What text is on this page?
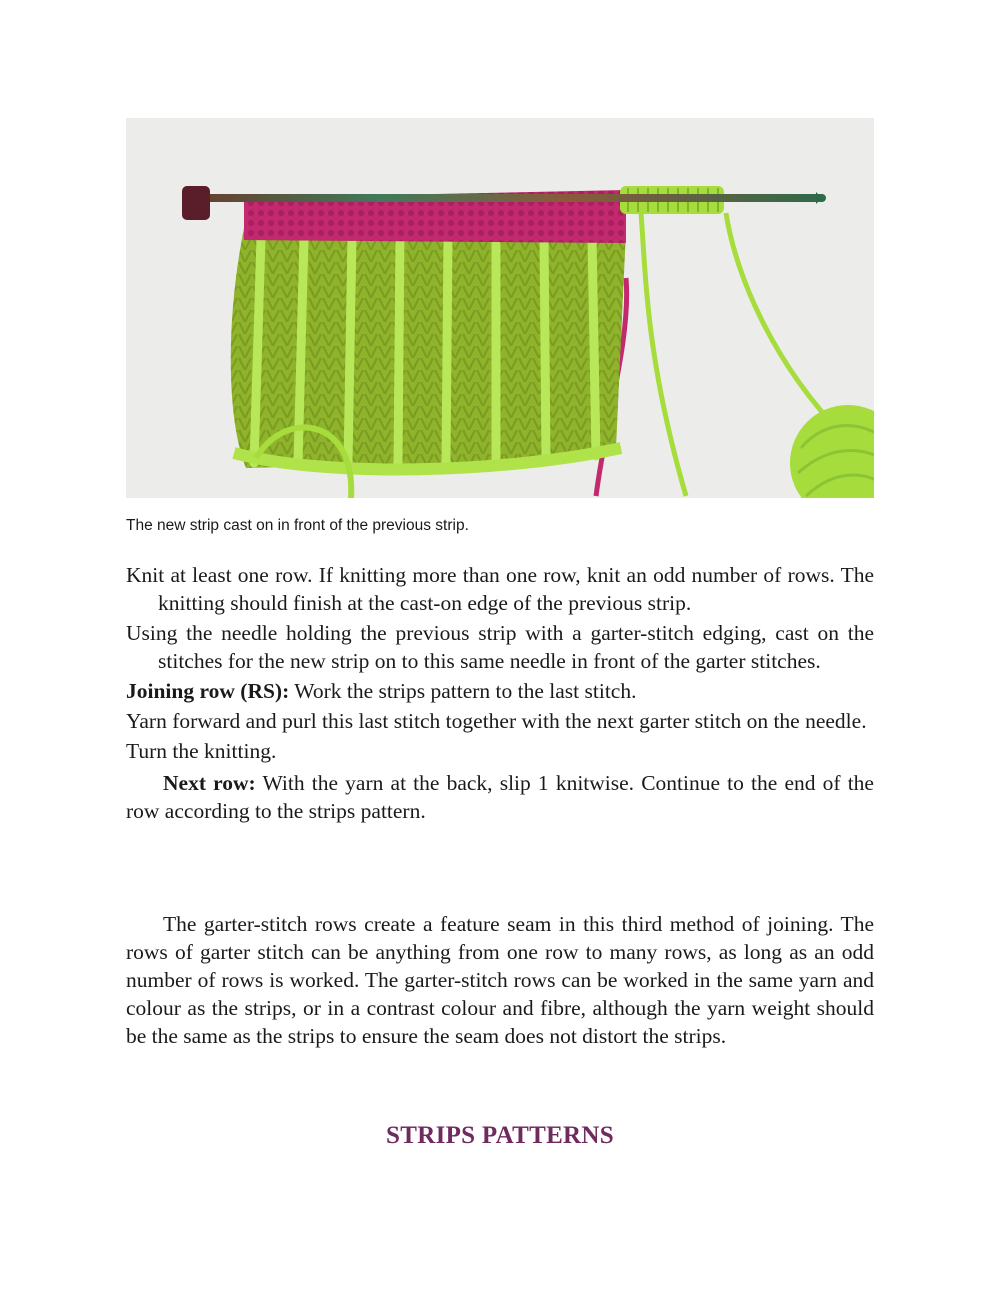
The new strip cast on in front of the previous strip.

Knit at least one row. If knitting more than one row, knit an odd number of rows. The knitting should finish at the cast-on edge of the previous strip.

Using the needle holding the previous strip with a garter-stitch edging, cast on the stitches for the new strip on to this same needle in front of the garter stitches.

Joining row (RS): Work the strips pattern to the last stitch.

Yarn forward and purl this last stitch together with the next garter stitch on the needle.

Turn the knitting.

Next row: With the yarn at the back, slip 1 knitwise. Continue to the end of the row according to the strips pattern.

The garter-stitch rows create a feature seam in this third method of joining. The rows of garter stitch can be anything from one row to many rows, as long as an odd number of rows is worked. The garter-stitch rows can be worked in the same yarn and colour as the strips, or in a contrast colour and fibre, although the yarn weight should be the same as the strips to ensure the seam does not distort the strips.

STRIPS PATTERNS
